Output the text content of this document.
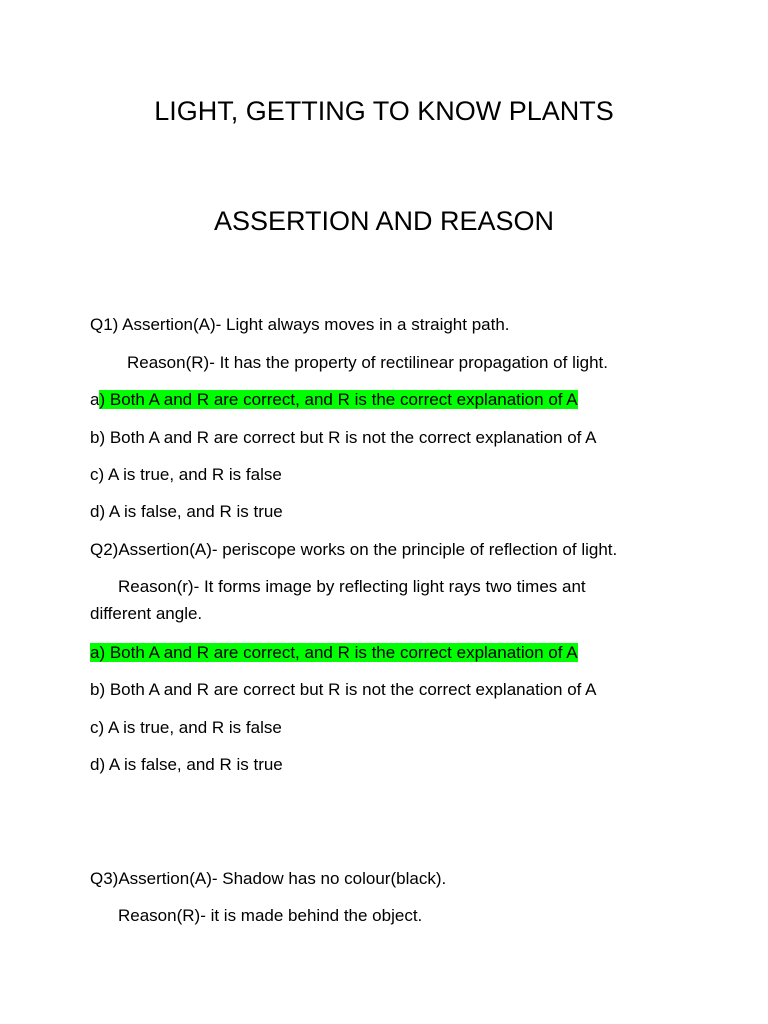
LIGHT, GETTING TO KNOW PLANTS
ASSERTION AND REASON
Q1) Assertion(A)- Light always moves in a straight path.
Reason(R)- It has the property of rectilinear propagation of light.
a) Both A and R are correct, and R is the correct explanation of A
b) Both A and R are correct but R is not the correct explanation of A
c) A is true, and R is false
d) A is false, and R is true
Q2)Assertion(A)- periscope works on the principle of reflection of light.
Reason(r)- It forms image by reflecting light rays two times ant
different angle.
a) Both A and R are correct, and R is the correct explanation of A
b) Both A and R are correct but R is not the correct explanation of A
c) A is true, and R is false
d) A is false, and R is true
Q3)Assertion(A)- Shadow has no colour(black).
Reason(R)- it is made behind the object.
